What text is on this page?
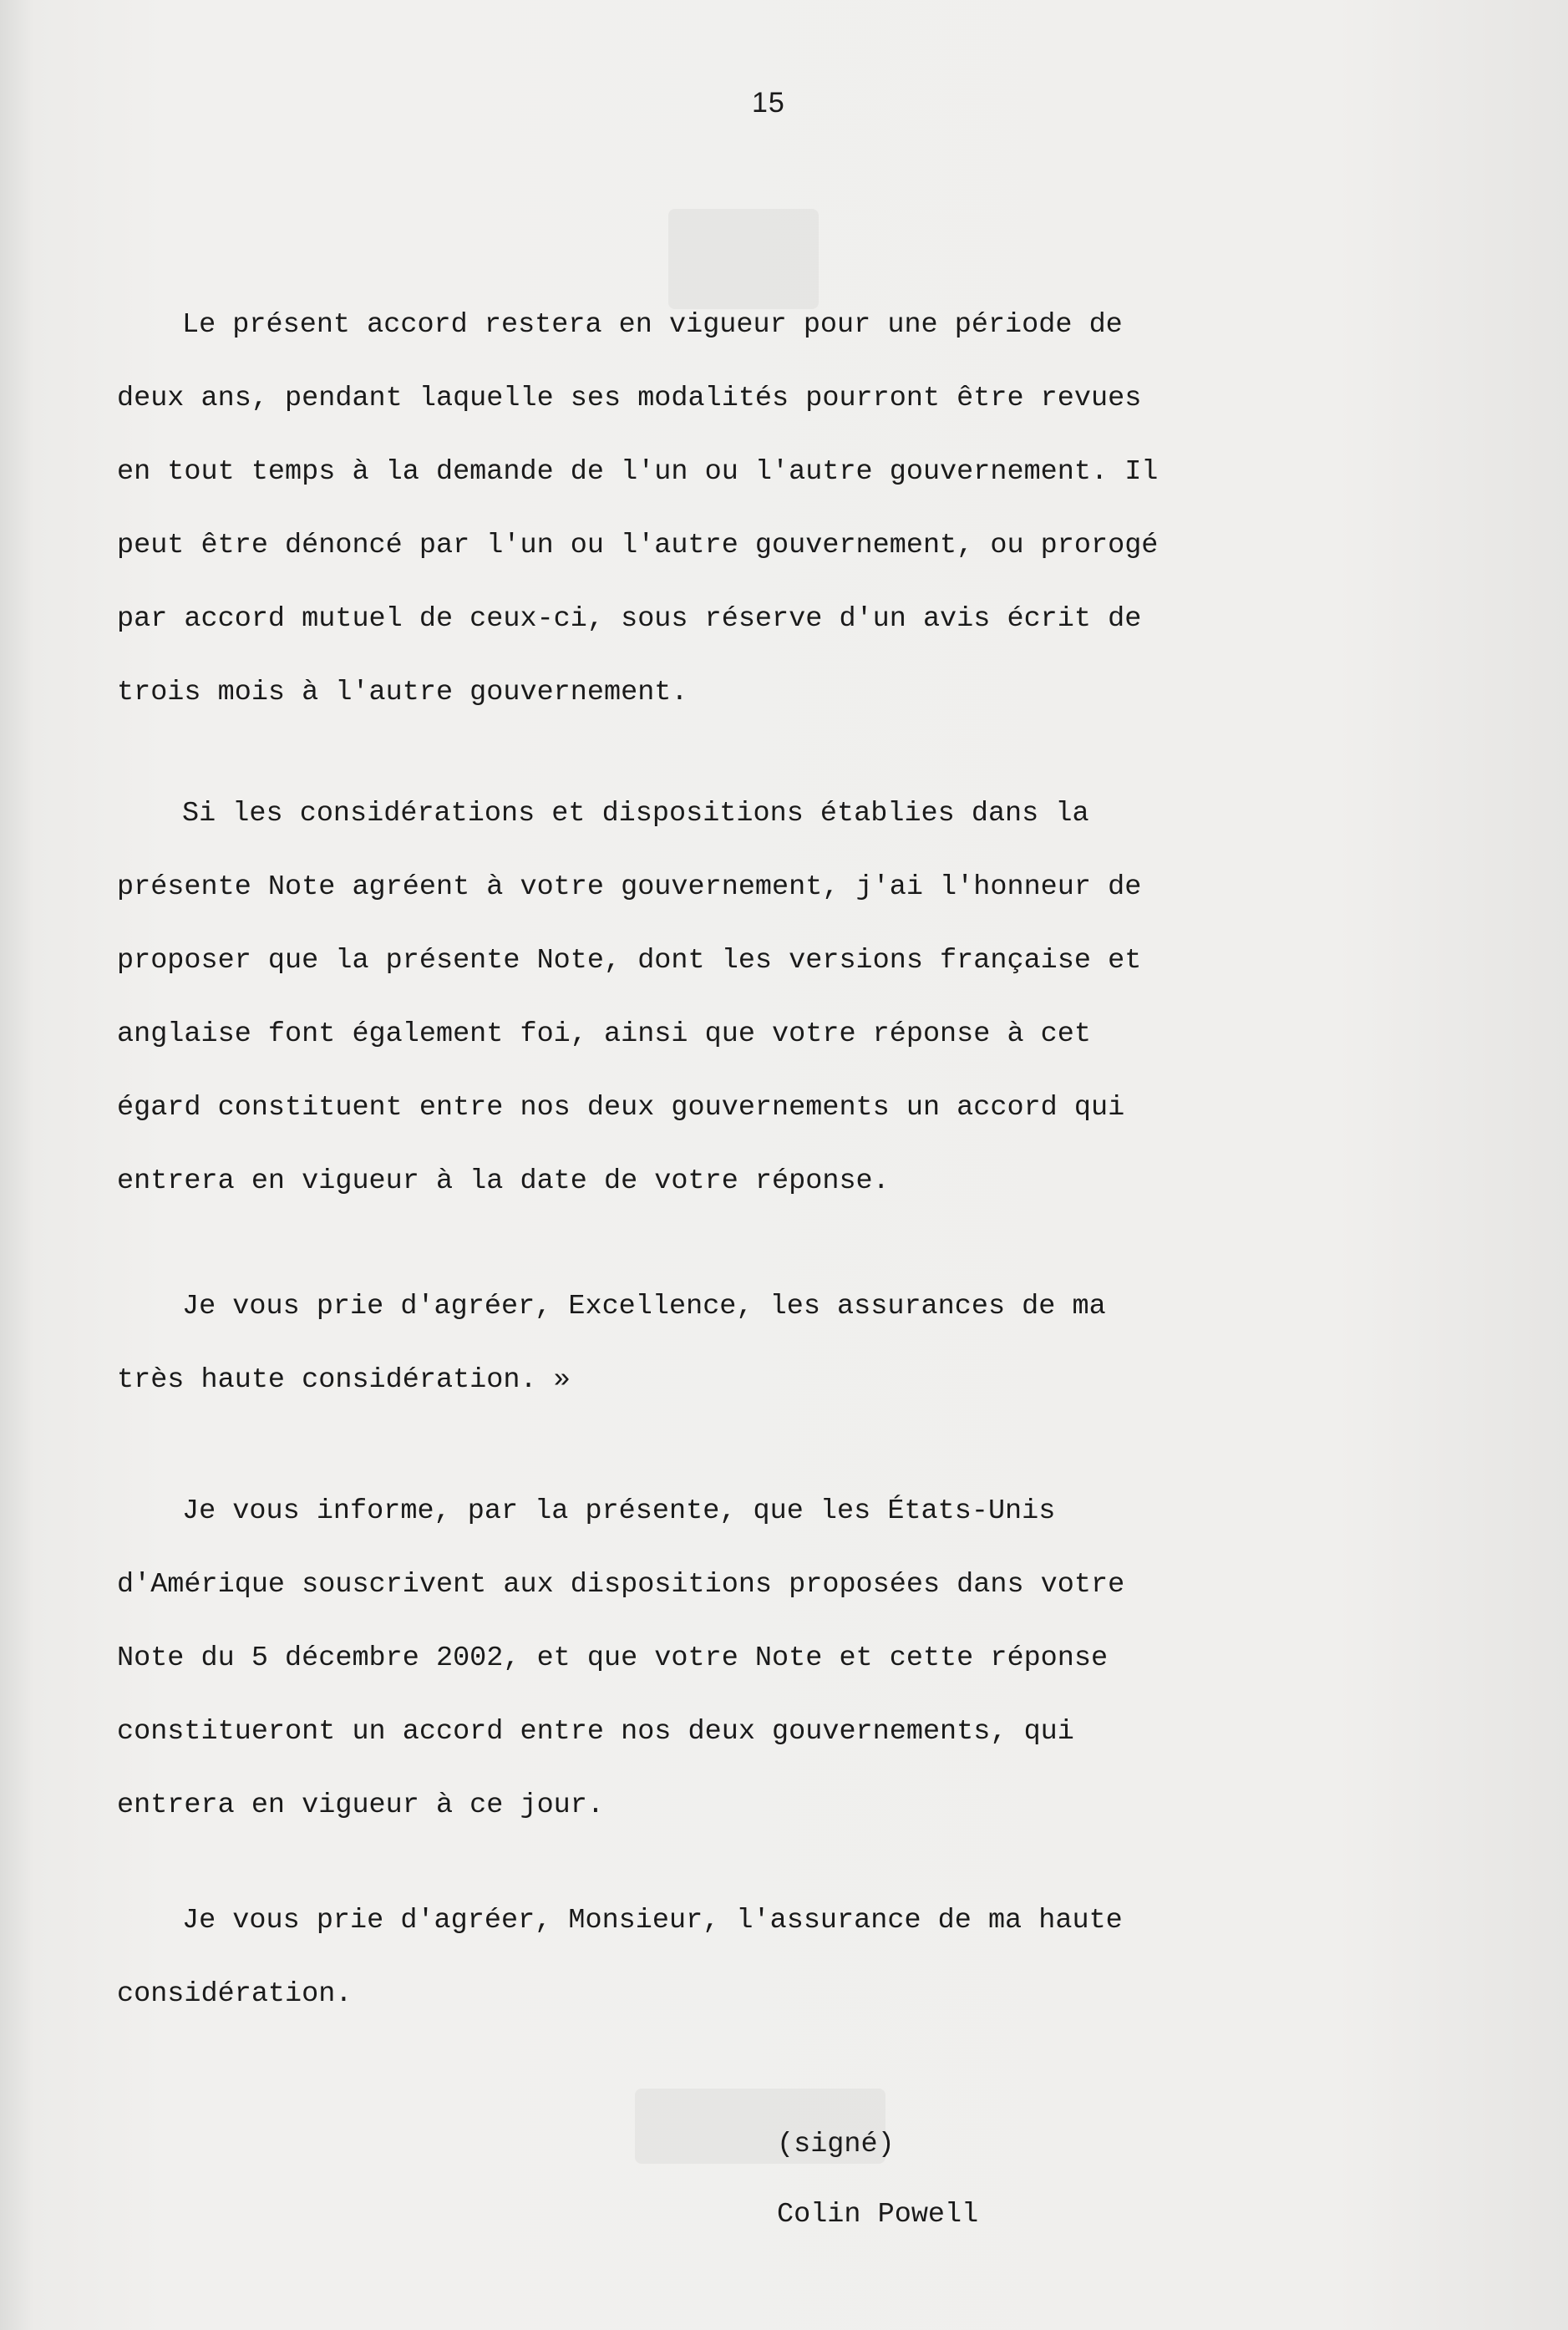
15
Le présent accord restera en vigueur pour une période de
deux ans, pendant laquelle ses modalités pourront être revues
en tout temps à la demande de l'un ou l'autre gouvernement. Il
peut être dénoncé par l'un ou l'autre gouvernement, ou prorogé
par accord mutuel de ceux-ci, sous réserve d'un avis écrit de
trois mois à l'autre gouvernement.
Si les considérations et dispositions établies dans la
présente Note agréent à votre gouvernement, j'ai l'honneur de
proposer que la présente Note, dont les versions française et
anglaise font également foi, ainsi que votre réponse à cet
égard constituent entre nos deux gouvernements un accord qui
entrera en vigueur à la date de votre réponse.
Je vous prie d'agréer, Excellence, les assurances de ma
très haute considération. »
Je vous informe, par la présente, que les États-Unis
d'Amérique souscrivent aux dispositions proposées dans votre
Note du 5 décembre 2002, et que votre Note et cette réponse
constitueront un accord entre nos deux gouvernements, qui
entrera en vigueur à ce jour.
Je vous prie d'agréer, Monsieur, l'assurance de ma haute
considération.
(signé)
Colin Powell
